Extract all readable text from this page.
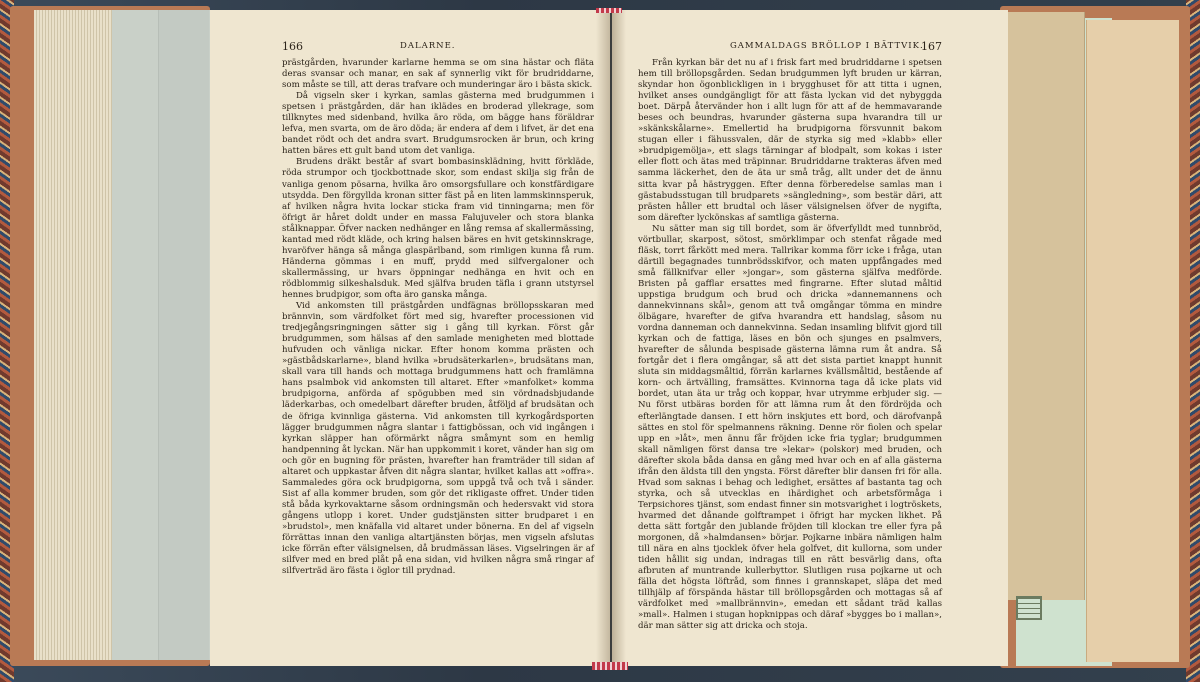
166	DALARNE.

prästgården, hvarunder karlarne hemma se om sina hästar och fläta deras svansar och manar, en sak af synnerlig vikt för brudriddarne, som måste se till, att deras trafvare och munderingar äro i bästa skick.

Då vigseln sker i kyrkan, samlas gästerna med brudgummen i spetsen i prästgården, där han iklädes en broderad yllekrage, som tillknytes med sidenband, hvilka äro röda, om bägge hans föräldrar lefva, men svarta, om de äro döda; är endera af dem i lifvet, är det ena bandet rödt och det andra svart. Brudgumsrocken är brun, och kring hatten bäres ett gult band utom det vanliga.

Brudens dräkt består af svart bombasinsklädning, hvitt förkläde, röda strumpor och tjockbottnade skor, som endast skilja sig från de vanliga genom pösarna, hvilka äro omsorgsfullare och konstfärdigare utsydda. Den förgyllda kronan sitter fäst på en liten lammskinnsperuk, af hvilken några hvita lockar sticka fram vid tinningarna; men för öfrigt är håret doldt under en massa Falujuveler och stora blanka stålknappar. Öfver nacken nedhänger en lång remsa af skallermässing, kantad med rödt kläde, och kring halsen bäres en hvit getskinnskrage, hvaröfver hänga så många glaspärlband, som rimligen kunna få rum. Händerna gömmas i en muff, prydd med silfvergaloner och skallermässing, ur hvars öppningar nedhänga en hvit och en rödblommig silkeshalsduk. Med själfva bruden täfla i grann utstyrsel hennes brudpigor, som ofta äro ganska många.

Vid ankomsten till prästgården undfägnas bröllopsskaran med brännvin, som värdfolket fört med sig, hvarefter processionen vid tredjegångsringningen sätter sig i gång till kyrkan. Först går brudgummen, som hälsas af den samlade menigheten med blottade hufvuden och vänliga nickar. Efter honom komma prästen och »gästbådskarlarne», bland hvilka »brudsäterkarlen», brudsätans man, skall vara till hands och mottaga brudgummens hatt och framlämna hans psalmbok vid ankomsten till altaret. Efter »manfolket» komma brudpigorna, anförda af spögubben med sin vördnadsbjudande läderkarbas, och omedelbart därefter bruden, åtföljd af brudsätan och de öfriga kvinnliga gästerna. Vid ankomsten till kyrkogårdsporten lägger brudgummen några slantar i fattigbössan, och vid ingången i kyrkan släpper han oförmärkt några småmynt som en hemlig handpenning åt lyckan. När han uppkommit i koret, vänder han sig om och gör en bugning för prästen, hvarefter han framträder till sidan af altaret och uppkastar åfven dit några slantar, hvilket kallas att »offra». Sammaledes göra ock brudpigorna, som uppgå två och två i sänder. Sist af alla kommer bruden, som gör det rikligaste offret. Under tiden stå båda kyrkovaktarne såsom ordningsmän och hedersvakt vid stora gångens utlopp i koret. Under gudstjänsten sitter brudparet i en »brudstol», men knäfalla vid altaret under bönerna. En del af vigseln förrättas innan den vanliga altartjänsten börjas, men vigseln afslutas icke förrän efter välsignelsen, då brudmässan läses. Vigselringen är af silfver med en bred plåt på ena sidan, vid hvilken några små ringar af silfverträd äro fästa i öglor till prydnad.

GAMMALDAGS BRÖLLOP I BÄTTVIK.
167

Från kyrkan bär det nu af i frisk fart med brudriddarne i spetsen hem till bröllopsgården. Sedan brudgummen lyft bruden ur kärran, skyndar hon ögonblickligen in i brygghuset för att titta i ugnen, hvilket anses oundgängligt för att fästa lyckan vid det nybyggda boet. Därpå återvänder hon i allt lugn för att af de hemmavarande beses och beundras, hvarunder gästerna supa hvarandra till ur »skänkskålarne». Emellertid ha brudpigorna försvunnit bakom stugan eller i fähussvalen, där de styrka sig med »klabb» eller »brudpigemölja», ett slags tärningar af blodpalt, som kokas i ister eller flott och ätas med träpinnar. Brudriddarne trakteras äfven med samma läckerhet, den de äta ur små tråg, allt under det de ännu sitta kvar på hästryggen. Efter denna förberedelse samlas man i gästabudsstugan till brudparets »sängledning», som bestär däri, att prästen håller ett brudtal och läser välsignelsen öfver de nygifta, som därefter lyckönskas af samtliga gästerna.

Nu sätter man sig till bordet, som är öfverfylldt med tunnbröd, vörtbullar, skarpost, sötost, smörklimpar och stenfat rågade med fläsk, torrt fårkött med mera. Tallrikar komma förr icke i fråga, utan därtill begagnades tunnbrödsskifvor, och maten uppfångades med små fällknifvar eller »jongar», som gästerna själfva medförde. Bristen på gafflar ersattes med fingrarne. Efter slutad måltid uppstiga brudgum och brud och dricka »dannemannens och dannekvinnans skål», genom att två omgångar tömma en mindre ölbägare, hvarefter de gifva hvarandra ett handslag, såsom nu vordna danneman och dannekvinna. Sedan insamling blifvit gjord till kyrkan och de fattiga, läses en bön och sjunges en psalmvers, hvarefter de sålunda bespisade gästerna lämna rum åt andra. Så fortgår det i flera omgångar, så att det sista partiet knappt hunnit sluta sin middagsmåltid, förrän karlarnes kvällsmåltid, bestående af korn- och ärtvälling, framsättes. Kvinnorna taga då icke plats vid bordet, utan äta ur tråg och koppar, hvar utrymme erbjuder sig. — Nu först utbäras borden för att lämna rum åt den fördröjda och efterlängtade dansen. I ett hörn inskjutes ett bord, och därofvanpå sättes en stol för spelmannens räkning. Denne rör fiolen och spelar upp en »låt», men ännu får fröjden icke fria tyglar; brudgummen skall nämligen först dansa tre »lekar» (polskor) med bruden, och därefter skola båda dansa en gång med hvar och en af alla gästerna ifrån den äldsta till den yngsta. Först därefter blir dansen fri för alla. Hvad som saknas i behag och ledighet, ersättes af bastanta tag och styrka, och så utvecklas en ihärdighet och arbetsförmåga i Terpsichores tjänst, som endast finner sin motsvarighet i logtröskets, hvarmed det dånande golftrampet i öfrigt har mycken likhet. På detta sätt fortgår den jublande fröjden till klockan tre eller fyra på morgonen, då »halmdansen» börjar. Pojkarne inbära nämligen halm till nära en alns tjocklek öfver hela golfvet, dit kullorna, som under tiden hållit sig undan, indragas till en rätt besvärlig dans, ofta afbruten af muntrande kullerbyttor. Slutligen rusa pojkarne ut och fälla det högsta löftråd, som finnes i grannskapet, släpa det med tillhjälp af förspända hästar till bröllopsgården och mottagas så af värdfolket med »mallbrännvin», emedan ett sådant träd kallas »mall». Halmen i stugan hopknippas och däraf »bygges bo i mallan», där man sätter sig att dricka och stoja.
